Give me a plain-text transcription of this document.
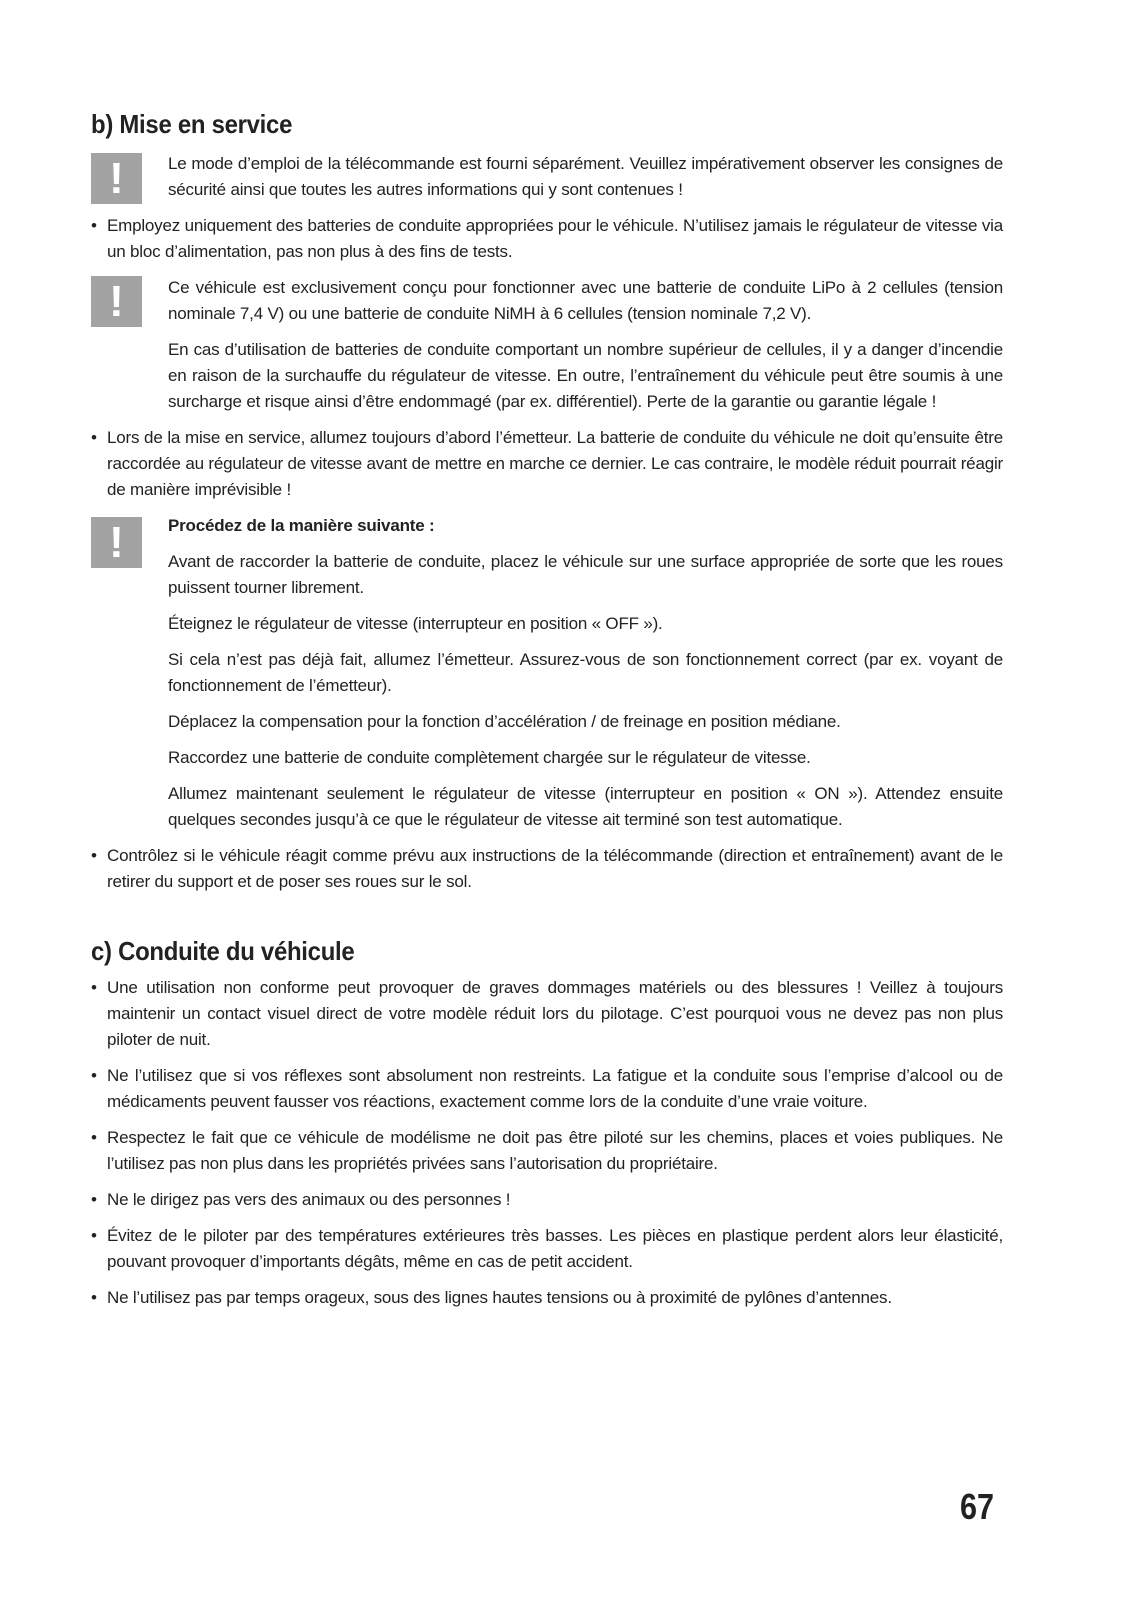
b) Mise en service
!	Le mode d’emploi de la télécommande est fourni séparément. Veuillez impérativement observer les consignes de sécurité ainsi que toutes les autres informations qui y sont contenues !

• Employez uniquement des batteries de conduite appropriées pour le véhicule. N’utilisez jamais le régulateur de vitesse via un bloc d’alimentation, pas non plus à des fins de tests.

!	Ce véhicule est exclusivement conçu pour fonctionner avec une batterie de conduite LiPo à 2 cellules (tension nominale 7,4 V) ou une batterie de conduite NiMH à 6 cellules (tension nominale 7,2 V).

En cas d’utilisation de batteries de conduite comportant un nombre supérieur de cellules, il y a danger d’incendie en raison de la surchauffe du régulateur de vitesse. En outre, l’entraînement du véhicule peut être soumis à une surcharge et risque ainsi d’être endommagé (par ex. différentiel). Perte de la garantie ou garantie légale !

• Lors de la mise en service, allumez toujours d’abord l’émetteur. La batterie de conduite du véhicule ne doit qu’ensuite être raccordée au régulateur de vitesse avant de mettre en marche ce dernier. Le cas contraire, le modèle réduit pourrait réagir de manière imprévisible !

!	Procédez de la manière suivante :

Avant de raccorder la batterie de conduite, placez le véhicule sur une surface appropriée de sorte que les roues puissent tourner librement.

Éteignez le régulateur de vitesse (interrupteur en position « OFF »).

Si cela n’est pas déjà fait, allumez l’émetteur. Assurez-vous de son fonctionnement correct (par ex. voyant de fonctionnement de l’émetteur).

Déplacez la compensation pour la fonction d’accélération / de freinage en position médiane.

Raccordez une batterie de conduite complètement chargée sur le régulateur de vitesse.

Allumez maintenant seulement le régulateur de vitesse (interrupteur en position « ON »). Attendez ensuite quelques secondes jusqu’à ce que le régulateur de vitesse ait terminé son test automatique.

• Contrôlez si le véhicule réagit comme prévu aux instructions de la télécommande (direction et entraînement) avant de le retirer du support et de poser ses roues sur le sol.

c) Conduite du véhicule

• Une utilisation non conforme peut provoquer de graves dommages matériels ou des blessures ! Veillez à toujours maintenir un contact visuel direct de votre modèle réduit lors du pilotage. C’est pourquoi vous ne devez pas non plus piloter de nuit.

• Ne l’utilisez que si vos réflexes sont absolument non restreints. La fatigue et la conduite sous l’emprise d’alcool ou de médicaments peuvent fausser vos réactions, exactement comme lors de la conduite d’une vraie voiture.

• Respectez le fait que ce véhicule de modélisme ne doit pas être piloté sur les chemins, places et voies publiques. Ne l’utilisez pas non plus dans les propriétés privées sans l’autorisation du propriétaire.

• Ne le dirigez pas vers des animaux ou des personnes !

• Évitez de le piloter par des températures extérieures très basses. Les pièces en plastique perdent alors leur élasticité, pouvant provoquer d’importants dégâts, même en cas de petit accident.

• Ne l’utilisez pas par temps orageux, sous des lignes hautes tensions ou à proximité de pylônes d’antennes.

67
